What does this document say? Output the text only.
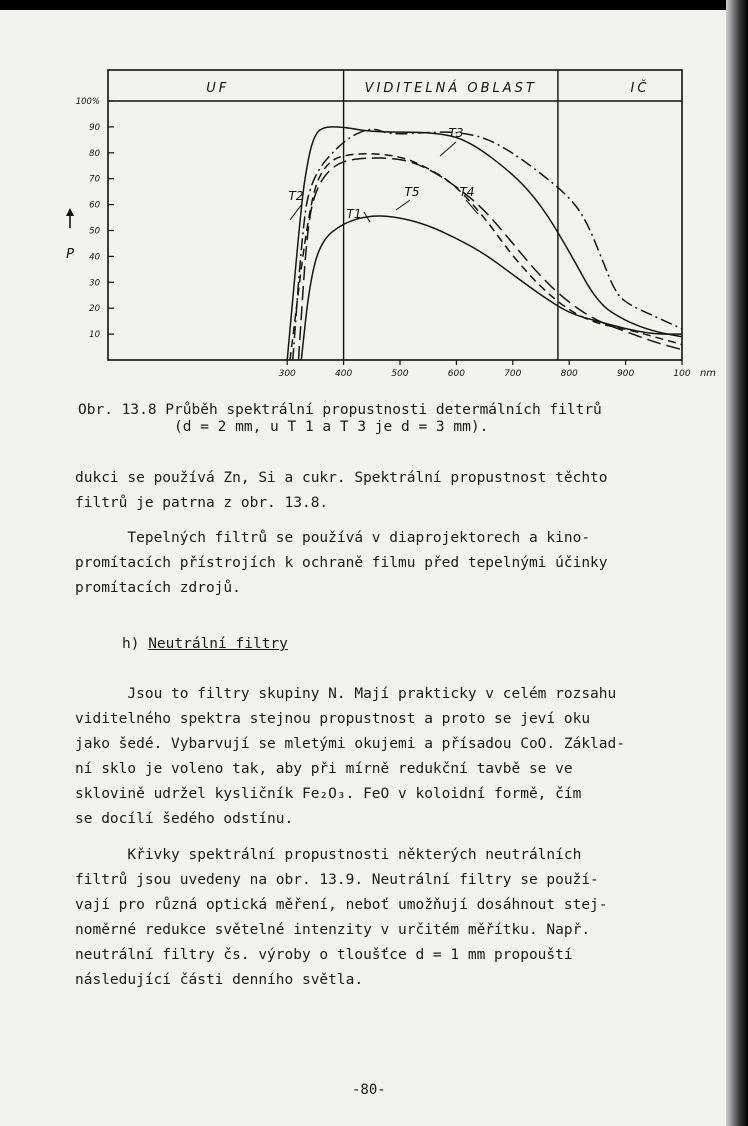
100%
90
80
70
60
50
40
30
20
10
300	400	500	600	700	800	900	100 nm
UF	VIDITELNÁ OBLAST	IČ
P
T2
T1
T3
T5	T4
Obr. 13.8 Průběh spektrální propustnosti determálních filtrů
(d = 2 mm, u T 1 a T 3 je d = 3 mm).
dukci se používá Zn, Si a cukr. Spektrální propustnost těchto
filtrů je patrna z obr. 13.8.
Tepelných filtrů se používá v diaprojektorech a kino-
promítacích přístrojích k ochraně filmu před tepelnými účinky
promítacích zdrojů.
h) Neutrální filtry
Jsou to filtry skupiny N. Mají prakticky v celém rozsahu
viditelného spektra stejnou propustnost a proto se jeví oku
jako šedé. Vybarvují se mletými okujemi a přísadou CoO. Základ-
ní sklo je voleno tak, aby při mírně redukční tavbě se ve
sklovině udržel kysličník Fe₂O₃. FeO v koloidní formě, čím
se docílí šedého odstínu.
Křivky spektrální propustnosti některých neutrálních
filtrů jsou uvedeny na obr. 13.9. Neutrální filtry se použí-
vají pro různá optická měření, neboť umožňují dosáhnout stej-
noměrné redukce světelné intenzity v určitém měřítku. Např.
neutrální filtry čs. výroby o tloušťce d = 1 mm propouští
následující části denního světla.
-80-
